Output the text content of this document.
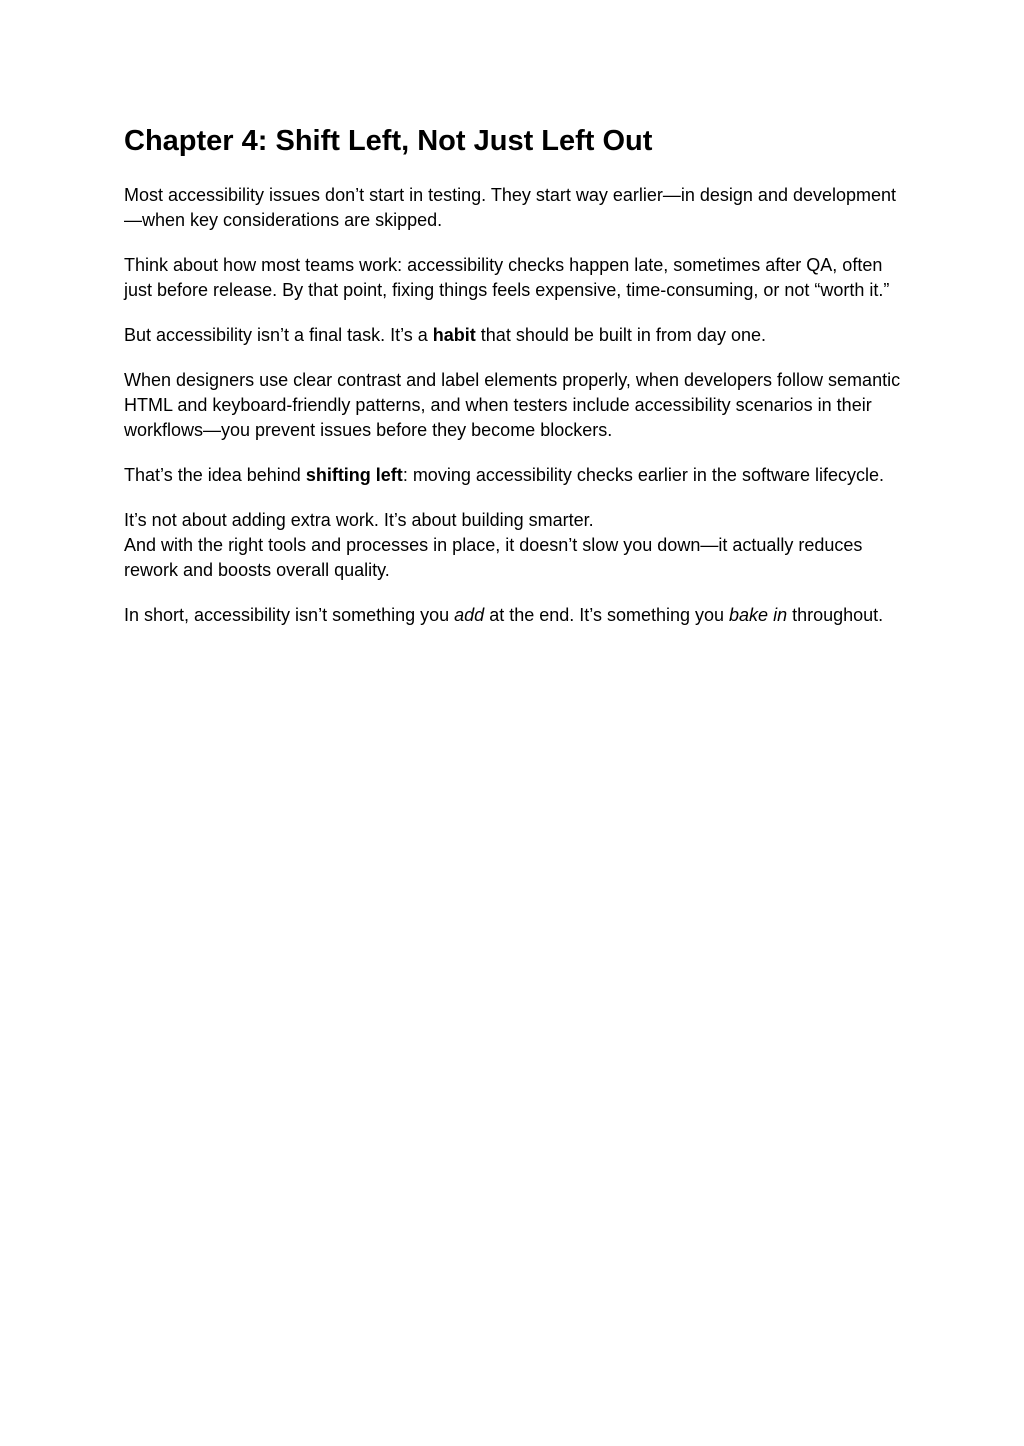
Chapter 4: Shift Left, Not Just Left Out

Most accessibility issues don’t start in testing. They start way earlier—in design and development—when key considerations are skipped.

Think about how most teams work: accessibility checks happen late, sometimes after QA, often just before release. By that point, fixing things feels expensive, time-consuming, or not “worth it.”

But accessibility isn’t a final task. It’s a habit that should be built in from day one.

When designers use clear contrast and label elements properly, when developers follow semantic HTML and keyboard-friendly patterns, and when testers include accessibility scenarios in their workflows—you prevent issues before they become blockers.

That’s the idea behind shifting left: moving accessibility checks earlier in the software lifecycle.

It’s not about adding extra work. It’s about building smarter.
And with the right tools and processes in place, it doesn’t slow you down—it actually reduces rework and boosts overall quality.

In short, accessibility isn’t something you add at the end. It’s something you bake in throughout.
